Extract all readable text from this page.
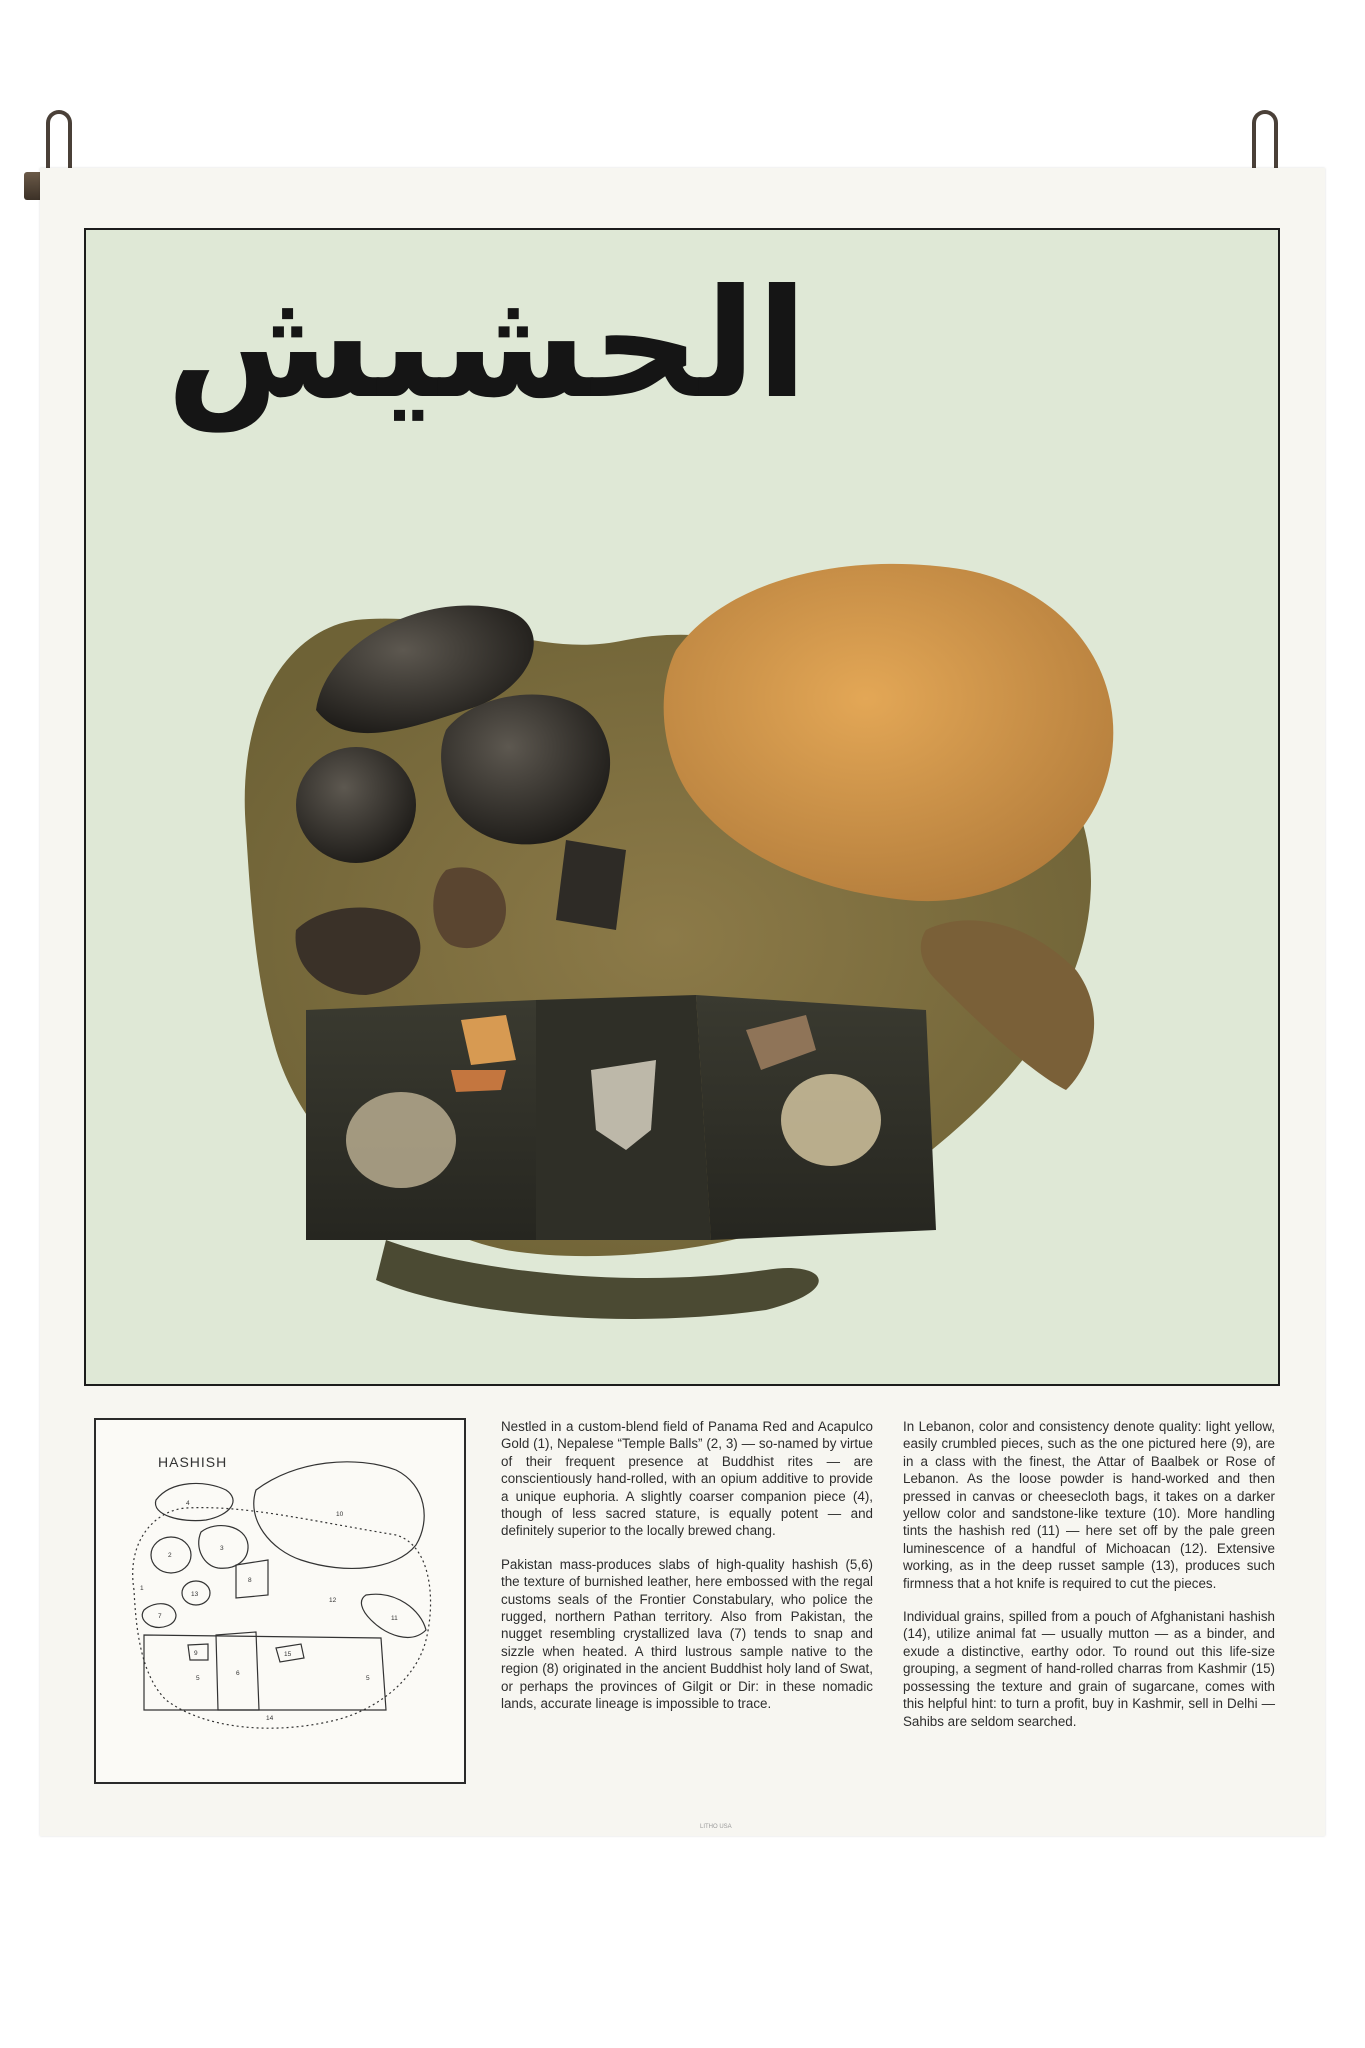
الحشيش
HASHISH
1
2
3
4
5
6
7
8
9
10
11
12
13
14
15
5

Nestled in a custom-blend field of Panama Red and Acapulco Gold (1), Nepalese “Temple Balls” (2, 3) — so-named by virtue of their frequent presence at Buddhist rites — are conscientiously hand-rolled, with an opium additive to provide a unique euphoria. A slightly coarser companion piece (4), though of less sacred stature, is equally potent — and definitely superior to the locally brewed chang.

Pakistan mass-produces slabs of high-quality hashish (5,6) the texture of burnished leather, here embossed with the regal customs seals of the Frontier Constabulary, who police the rugged, northern Pathan territory. Also from Pakistan, the nugget resembling crystallized lava (7) tends to snap and sizzle when heated. A third lustrous sample native to the region (8) originated in the ancient Buddhist holy land of Swat, or perhaps the provinces of Gilgit or Dir: in these nomadic lands, accurate lineage is impossible to trace.

In Lebanon, color and consistency denote quality: light yellow, easily crumbled pieces, such as the one pictured here (9), are in a class with the finest, the Attar of Baalbek or Rose of Lebanon. As the loose powder is hand-worked and then pressed in canvas or cheesecloth bags, it takes on a darker yellow color and sandstone-like texture (10). More handling tints the hashish red (11) — here set off by the pale green luminescence of a handful of Michoacan (12). Extensive working, as in the deep russet sample (13), produces such firmness that a hot knife is required to cut the pieces.

Individual grains, spilled from a pouch of Afghanistani hashish (14), utilize animal fat — usually mutton — as a binder, and exude a distinctive, earthy odor. To round out this life-size grouping, a segment of hand-rolled charras from Kashmir (15) possessing the texture and grain of sugarcane, comes with this helpful hint: to turn a profit, buy in Kashmir, sell in Delhi — Sahibs are seldom searched.

LITHO USA
